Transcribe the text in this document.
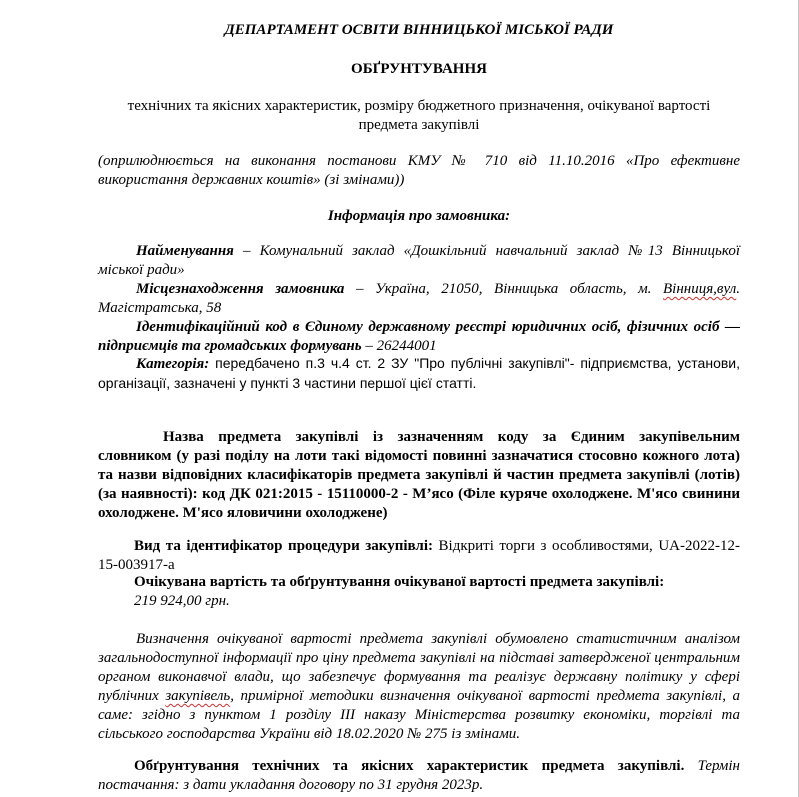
ДЕПАРТАМЕНТ ОСВІТИ ВІННИЦЬКОЇ МІСЬКОЇ РАДИ
ОБҐРУНТУВАННЯ
технічних та якісних характеристик, розміру бюджетного призначення, очікуваної вартості
предмета закупівлі
(оприлюднюється на виконання постанови КМУ № 710 від 11.10.2016 «Про ефективне використання державних коштів» (зі змінами))
Інформація про замовника:
Найменування – Комунальний заклад «Дошкільний навчальний заклад №13 Вінницької міської ради»
Місцезнаходження замовника – Україна, 21050, Вінницька область, м. Вінниця,вул. Магістратська, 58
Ідентифікаційний код в Єдиному державному реєстрі юридичних осіб, фізичних осіб — підприємців та громадських формувань – 26244001
Категорія: передбачено п.3 ч.4 ст. 2 ЗУ "Про публічні закупівлі"- підприємства, установи, організації, зазначені у пункті 3 частини першої цієї статті.
Назва предмета закупівлі із зазначенням коду за Єдиним закупівельним
словником (у разі поділу на лоти такі відомості повинні зазначатися стосовно кожного лота) та назви відповідних класифікаторів предмета закупівлі й частин предмета закупівлі (лотів) (за наявності): код ДК 021:2015 - 15110000-2 - М’ясо (Філе куряче охолоджене. М'ясо свинини охолоджене. М'ясо яловичини охолоджене)
Вид та ідентифікатор процедури закупівлі: Відкриті торги з особливостями, UA-2022-12-15-003917-а
Очікувана вартість та обґрунтування очікуваної вартості предмета закупівлі:
219 924,00 грн.
Визначення очікуваної вартості предмета закупівлі обумовлено статистичним аналізом загальнодоступної інформації про ціну предмета закупівлі на підставі затвердженої центральним органом виконавчої влади, що забезпечує формування та реалізує державну політику у сфері публічних закупівель, примірної методики визначення очікуваної вартості предмета закупівлі, а саме: згідно з пунктом 1 розділу ІІІ наказу Міністерства розвитку економіки, торгівлі та сільського господарства України від 18.02.2020 № 275 із змінами.
Обґрунтування технічних та якісних характеристик предмета закупівлі. Термін постачання: з дати укладання договору по 31 грудня 2023р.
